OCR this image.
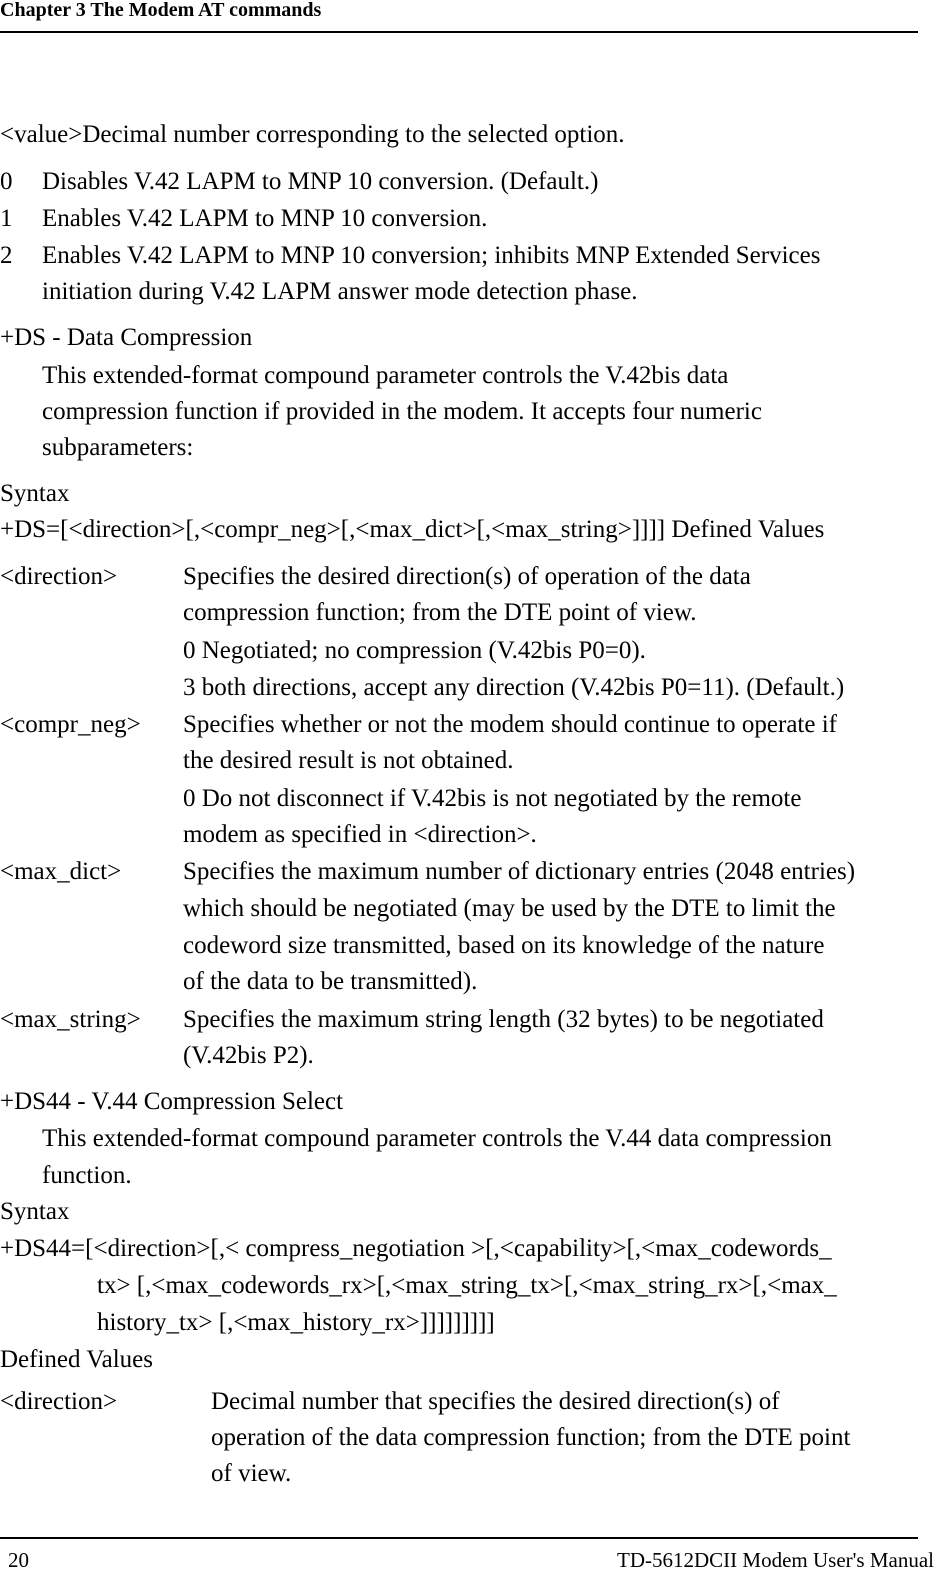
Chapter 3 The Modem AT commands
<value>Decimal number corresponding to the selected option.
0 Disables V.42 LAPM to MNP 10 conversion. (Default.)
1 Enables V.42 LAPM to MNP 10 conversion.
2 Enables V.42 LAPM to MNP 10 conversion; inhibits MNP Extended Services
initiation during V.42 LAPM answer mode detection phase.
+DS - Data Compression
This extended-format compound parameter controls the V.42bis data
compression function if provided in the modem. It accepts four numeric
subparameters:
Syntax
+DS=[<direction>[,<compr_neg>[,<max_dict>[,<max_string>]]]] Defined Values
<direction>	Specifies the desired direction(s) of operation of the data
compression function; from the DTE point of view.
0 Negotiated; no compression (V.42bis P0=0).
3 both directions, accept any direction (V.42bis P0=11). (Default.)
<compr_neg> Specifies whether or not the modem should continue to operate if
the desired result is not obtained.
0 Do not disconnect if V.42bis is not negotiated by the remote
modem as specified in <direction>.
<max_dict> Specifies the maximum number of dictionary entries (2048 entries)
which should be negotiated (may be used by the DTE to limit the
codeword size transmitted, based on its knowledge of the nature
of the data to be transmitted).
<max_string> Specifies the maximum string length (32 bytes) to be negotiated
(V.42bis P2).
+DS44 - V.44 Compression Select
This extended-format compound parameter controls the V.44 data compression
function.
Syntax
+DS44=[<direction>[,< compress_negotiation >[,<capability>[,<max_codewords_
tx> [,<max_codewords_rx>[,<max_string_tx>[,<max_string_rx>[,<max_
history_tx> [,<max_history_rx>]]]]]]]]]
Defined Values
<direction>	Decimal number that specifies the desired direction(s) of
operation of the data compression function; from the DTE point
of view.
20	TD-5612DCII Modem User's Manual
